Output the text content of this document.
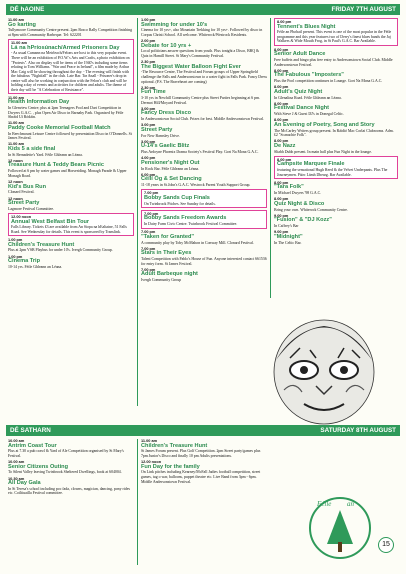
DÉ hAOINE	FRIDAY 7TH AUGUST
11.00 am
Go karting
Tullymoore Community Centre present. 2pm Bosco Rally Competition finishing at 8pm with Community Barbeque. Tel: 622201
11.00 am
Lá na hPríosúnach/Armed Prisoners Day
- As usual Cumann na Meirleach/Felons are host to this very popular event. There will be an exhibition of P.O.W.'s Arts and Crafts, a photo exhibition on "Protests". Also on display will be items of the 1940's including some items relating to Tom Williams. "War and Peace in Ireland", a film made by Arthur Mac Caig will be showing throughout the day. - The evening will finish with the fabulous "Nightfall" in the club. Late Bar. Tar Anall - Prisoner's drop in centre will also be working in conjunction with the Felon's club and will be holding a day of events and activities for children and adults. The theme of their day will be "A Celebration of Resistance".
11.00 am
Health Information Day
In Glenview Centre; plus at 2pm Teenagers Pool and Dart Competition in Dwyers G.A.C. , plus Open Air Disco in Barnaby Park. Organised by Féile Shráid Uí Ródáin.
11.00 am
Paddy Cooke Memorial Football Match
In Beechmount Leisure Centre followed by presentation Disco in O'Donnells. St James Festival.
11.00 am
Kids 5 a side final
In St Bernadette's Yard. Féile Ghleann an Léana.
12 noon
Treasure Hunt & Teddy Bears Picnic
Followed at 6 pm by water games and Horseriding. Monagh Parade & Upper Monagh Road.
12 noon
Kid's Bus Run
Clonard Festival.
12 noon
Street Party
Lagmore Festival Committee.
12.00 noon
Annual West Belfast Bin Tour
Falls Library. Tickets £3 are available from An Siopa na hEaltaine, 51 Falls Road. See Wednesday for details. This event is sponsored by Translink.
1.00 pm
Children's Treasure Hunt
Plus at 2pm VSB Playbus for under 10's. Ivergh Community Group.
1.00 pm
Cinema Trip
10-14 yrs. Féile Ghleann an Léana.
1.00 pm
Swimming for under 10's
Cinema for 10 yrs+, also Mountain Trekking for 10 yrs+. Followed by disco in Corpus Christi School. All welcome. Whiterock/Westrock Residents.
2.00 pm
Debate for 10 yrs +
Local politicians answer questions from youth. Plus tonight a Disco, BBQ & Quiz in Hamill Street. St Mary's Community Festival.
2.30 pm
The Biggest Water Balloon Fight Ever
-The Resource Centre, The Festival and Forum groups of Upper Springfield challenge the Falls and Andersonstown to a water fight in Falls Park. Fancy Dress optional. (P.S. The Braveheart are coming)
2.30 pm
Fun Time
3-10 yrs in Newhill Community Centre plus Street Parties beginning at 6 pm. Dermot Hill/Moyard Festival.
3.00 pm
Fancy Dress Disco
In Andersonstown Social Club. Prizes for best. Middle Andersonstown Festival.
3.00 pm
Street Party
For New Barnsley Drive.
3.00 pm
U-14's Gaelic Blitz
Plus Ardoyne Phoenix Drama Society's Festival Play. Gort Na Mona G.A.C.
4.00 pm
Pensioner's Night Out
In Rock Bar. Féile Ghleann an Léana.
6.00 pm
Céilí Óg & Set Dancing
11-18 years in St.John's G.A.C. Westrock Parent Youth Support Group.
7.00 pm
Bobby Sands Cup Finals
On Twinbrook Pitches. See Sunday for details.
7.00 pm
Bobby Sands Freedom Awards
In Dairy Farm Civic Centre. Twinbrook Festival Committee.
7.00 pm
"Taken for Granted"
A community play by Toby McMahon in Conway Mill. Clonard Festival.
7.00 pm
Stars in Their Eyes
Talent Competition with Pablo's House of Fun. Anyone interested contact 661536 for entry form. St James Festival.
7.00 pm
Adult Barbeque night
Ivergh Community Group
8.00 pm
Tennent's Blues Night
Féile an Phobail present. This event is one of the most popular in the Féile programme and this year features two of Derry's finest blues bands the Jaj Walkers & Wide Mouth Frog, in St Paul's G.A.C. Bar Available.
8.00 pm
Senior Adult Dance
Free buffets and bingo plus free entry to Andersonstown Social Club. Middle Andersonstown Festival.
8.00 pm
The Fabulous "Imposters"
Plus the Pool competition continues in Lounge. Gort Na Mona G.A.C.
8.00 pm
Adult's Quiz Night
In Glenalina Road. Féile Ghleann an Léana.
8.00 pm
Festival Dance Night
With Steve J & Guest DJ's in Donegal Celtic.
8.00 pm
An Evening of Poetry, Song and Story
The McCarley Writers group present. In Ráidió Mac Corlai Clubrooms. Adm. £2 "Scanachie Folk".
8.00 pm
De Nazz
Sliabh Dubh present. In main hall plus Fun Night in the lounge.
8.00 pm
Campsite Marquee Finale
featuring the sensational Hugh Reed & the Velvet Underpants. Plus The Journeymen. Páirc Lámh Dhearg. Bar Available.
8.00 pm
"Tara Folk"
In Michael Dwyers '98 G.A.C.
8.00 pm
Quiz Night & Disco
Bring your own. Whiterock Community Centre.
9.00 pm
"Fusion" & "DJ Kozz"
In Caffrey's Bar
9.00 pm
"Midnight"
In The Celtic Bar.
DÉ SATHARN	SATURDAY 8TH AUGUST
10.00 am
Antrim Coast Tour
Plus at 7.30 a pub crawl & Yard of Ale Competition organised by St Mary's Festival.
10.00 am
Senior Citizens Outing
To Silent Valley leaving Twinbrook Sheltered Dwellings, book at 604004.
10.30 am
All Day Gala
In St Teresa's school including poc fada, clowns, magician, dancing, pony rides etc. Coiltiuailla Festival committee.
11.00 am
Children's Treasure Hunt
St James Forum present. Plus Golf Competition. 2pm Street party/games plus 7pm Junior's Disco and finally 10 pm Adults presentations.
12.00 noon
Fun Day for the family
On Link pitches including Kearney/McFall Jadies football competition, street games, tug o war, balloons, puppet theatre etc. Live Band from 3pm - 6pm. Middle Andersonstown Festival.
Féile an
15
